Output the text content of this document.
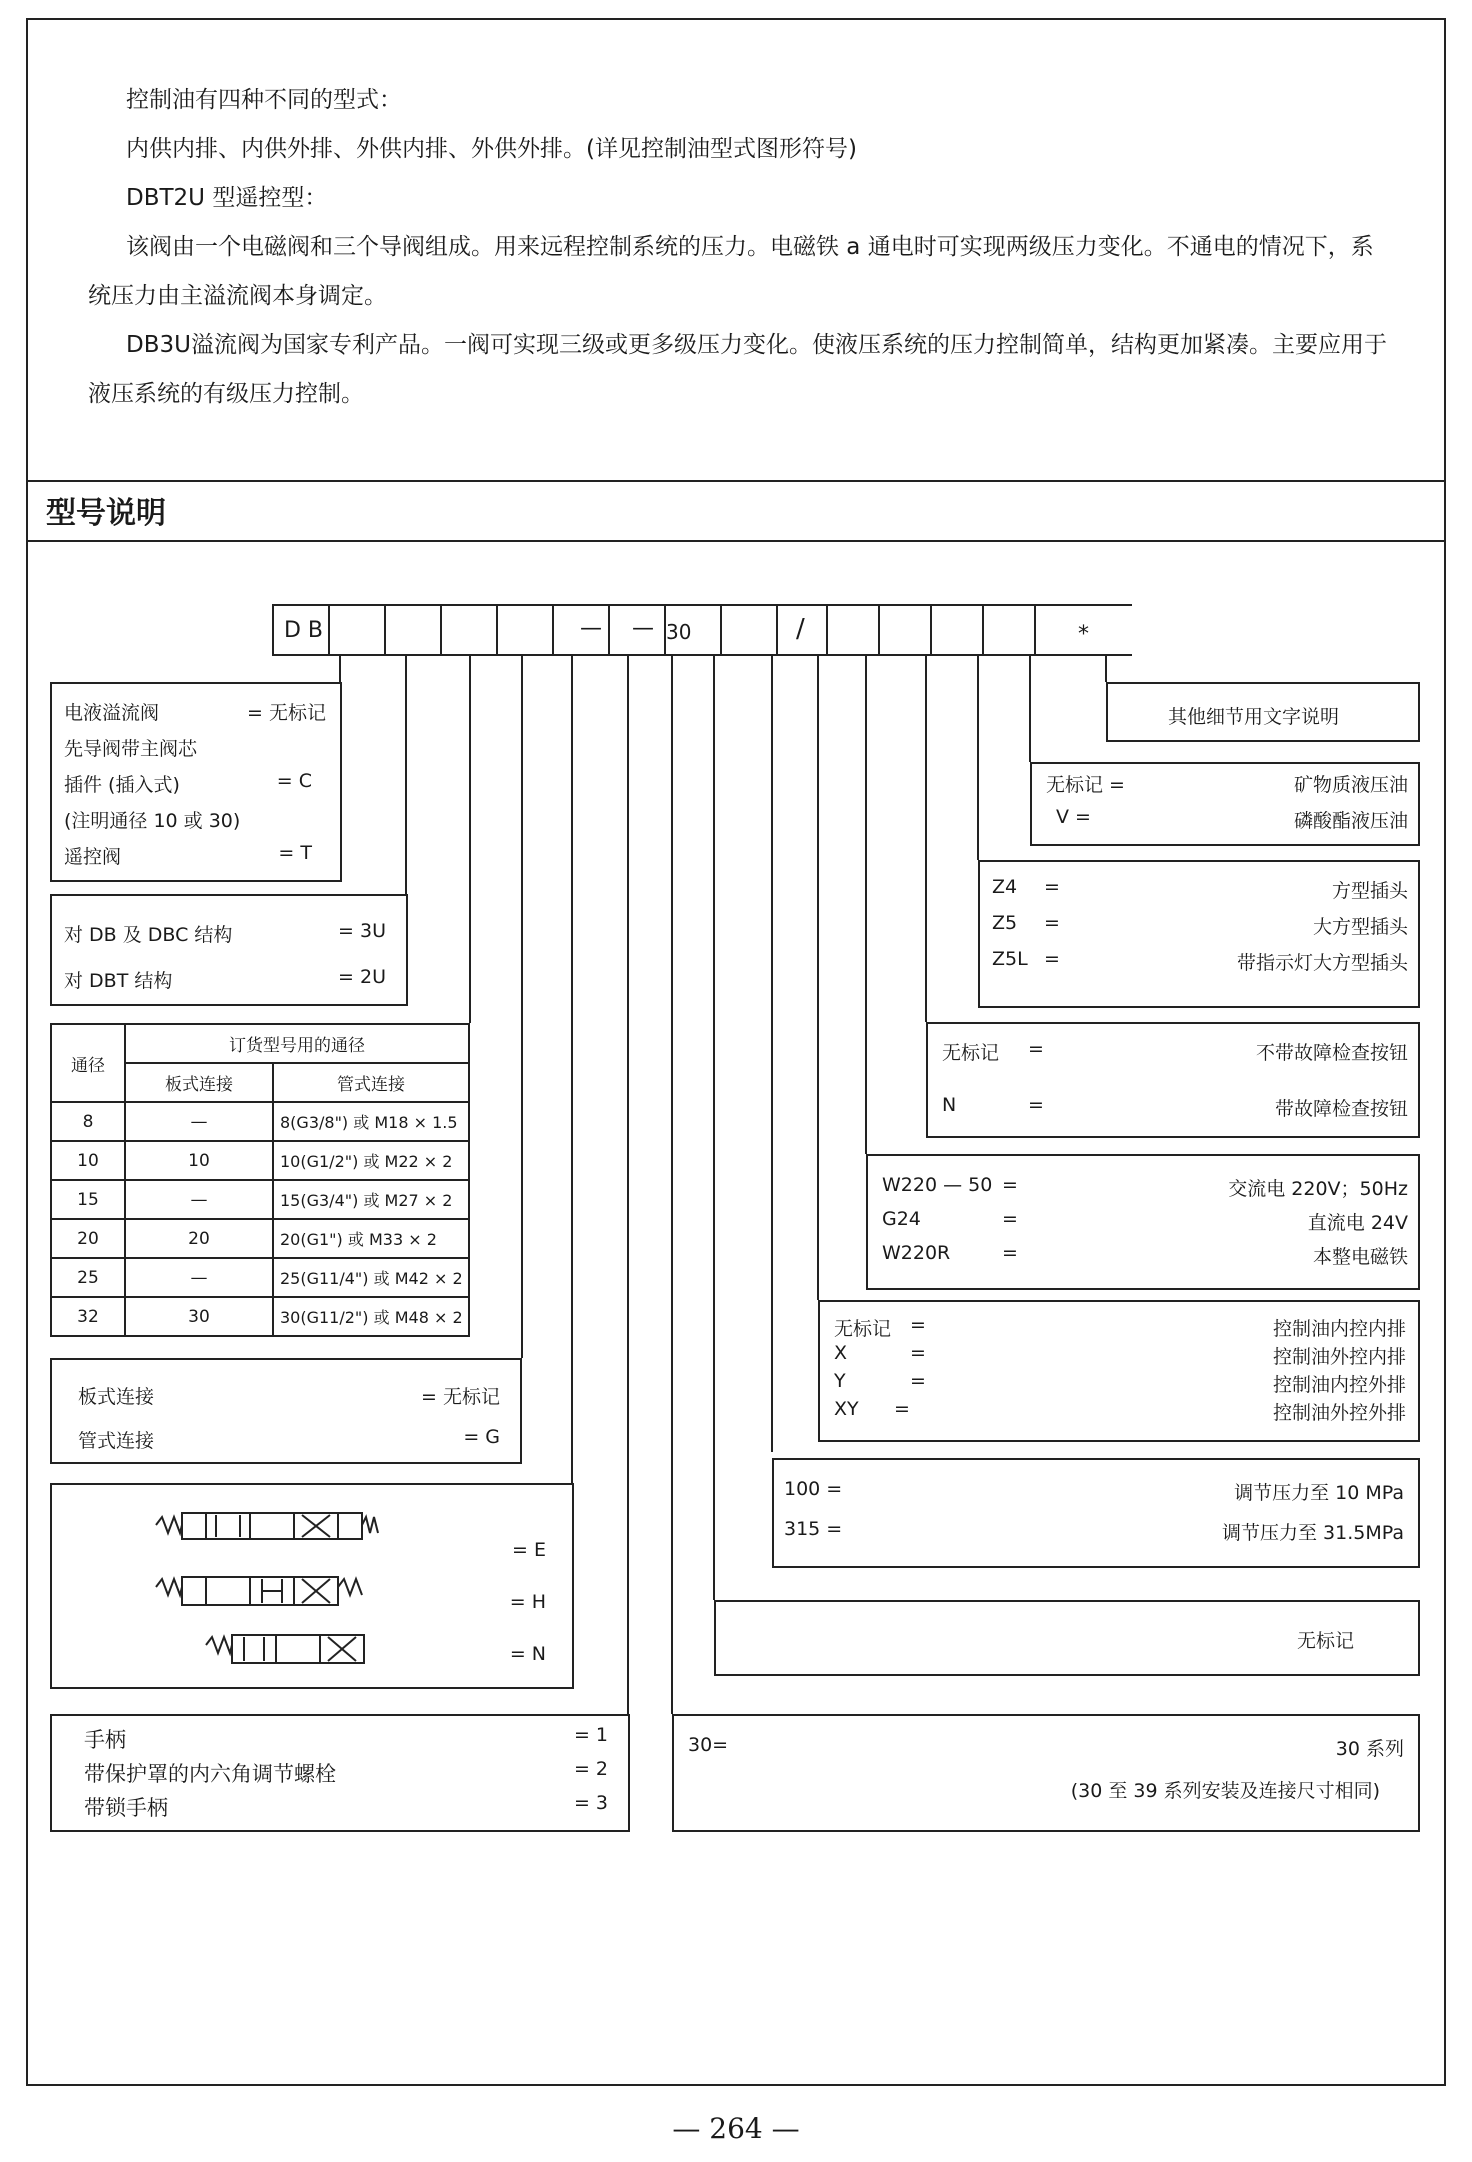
控制油有四种不同的型式：

内供内排、内供外排、外供内排、外供外排。(详见控制油型式图形符号)

DBT2U 型遥控型：

该阀由一个电磁阀和三个导阀组成。用来远程控制系统的压力。电磁铁 a 通电时可实现两级压力变化。不通电的情况下，系统压力由主溢流阀本身调定。

DB3U溢流阀为国家专利产品。一阀可实现三级或更多级压力变化。使液压系统的压力控制简单，结构更加紧凑。主要应用于液压系统的有级压力控制。

型号说明
D B	— — 30	/	*
电液溢流阀	= 无标记
先导阀带主阀芯
插件 (插入式)	= C
(注明通径 10 或 30)
遥控阀	= T
对 DB 及 DBC 结构	= 3U
对 DBT 结构	= 2U
通径	订货型号用的通径	
	板式连接	管式连接
8	—	8(G3/8") 或 M18 × 1.5
10	10	10(G1/2") 或 M22 × 2
15	—	15(G3/4") 或 M27 × 2
20	20	20(G1") 或 M33 × 2
25	—	25(G11/4") 或 M42 × 2
32	30	30(G11/2") 或 M48 × 2
板式连接	= 无标记
管式连接	= G
= E
= H
= N
手柄	= 1
带保护罩的内六角调节螺栓	= 2
带锁手柄	= 3
其他细节用文字说明
无标记 =	矿物质液压油
V =	磷酸酯液压油
Z4 =	方型插头
Z5 =	大方型插头
Z5L =	带指示灯大方型插头
无标记 =	不带故障检查按钮
N	=	带故障检查按钮
W220 — 50 =	交流电 220V；50Hz
G24	=	直流电 24V
W220R	=	本整电磁铁
无标记 =	控制油内控内排
X	=	控制油外控内排
Y	=	控制油内控外排
XY =	控制油外控外排
100 =	调节压力至 10 MPa
315 =	调节压力至 31.5MPa
无标记
30=	30 系列
(30 至 39 系列安装及连接尺寸相同)
— 264 —
